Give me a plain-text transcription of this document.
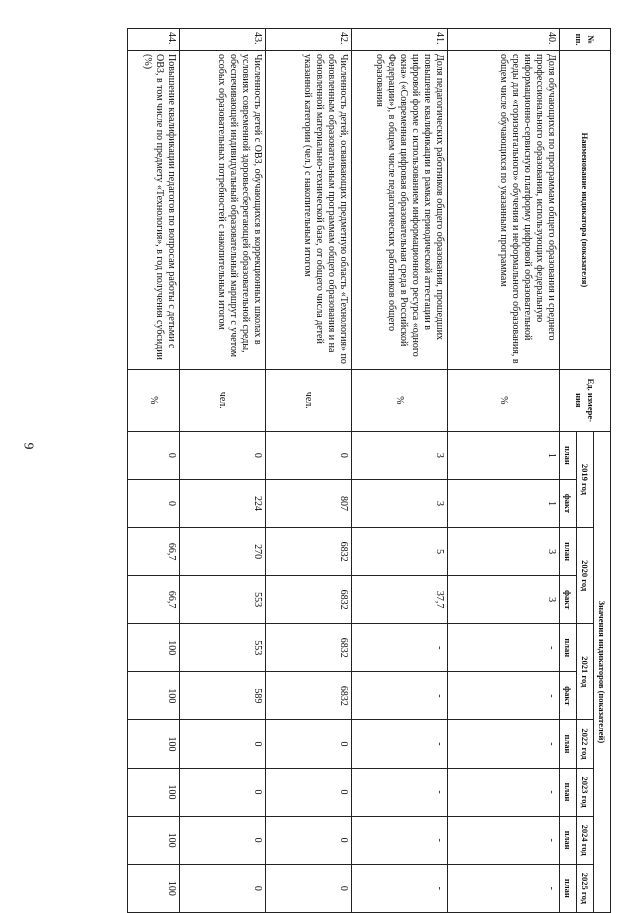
9
№ пп.	Наименование индикатора (показателя)	Ед. измере-ния	Значения индикаторов (показателей)									
			2019 год		2020 год		2021 год		2022 год	2023 год	2024 год	2025 год
			план	факт	план	факт	план	факт	план	план	план	план
40.	Доля обучающихся по программам общего образования и среднего профессионального образования, использующих федеральную информационно-сервисную платформу цифровой образовательной среды для «горизонтального» обучения и неформального образования, в общем числе обучающихся по указанным программам	%	1	1	3	3	-	-	-	-	-	-
41.	Доля педагогических работников общего образования, прошедших повышение квалификации в рамках периодической аттестации в цифровой форме с использованием информационного ресурса «одного окна» («Современная цифровая образовательная среда в Российской Федерации»), в общем числе педагогических работников общего образования	%	3	3	5	37,7	-	-	-	-	-	-
42.	Численность детей, осваивающих предметную область «Технология» по обновленным образовательным программам общего образования и на обновленной материально-технической базе, от общего числа детей указанной категории (чел.) с накопительным итогом	чел.	0	807	6832	6832	6832	6832	0	0	0	0
43.	Численность детей с ОВЗ, обучающихся в коррекционных школах в условиях современной здоровьесберегающей образовательной среды, обеспечивающей индивидуальный образовательный маршрут с учетом особых образовательных потребностей с накопительным итогом	чел.	0	224	270	553	553	589	0	0	0	0
44.	Повышение квалификации педагогов по вопросам работы с детьми с ОВЗ, в том числе по предмету «Технология», в год получения субсидии (%)	%	0	0	66,7	66,7	100	100	100	100	100	100
